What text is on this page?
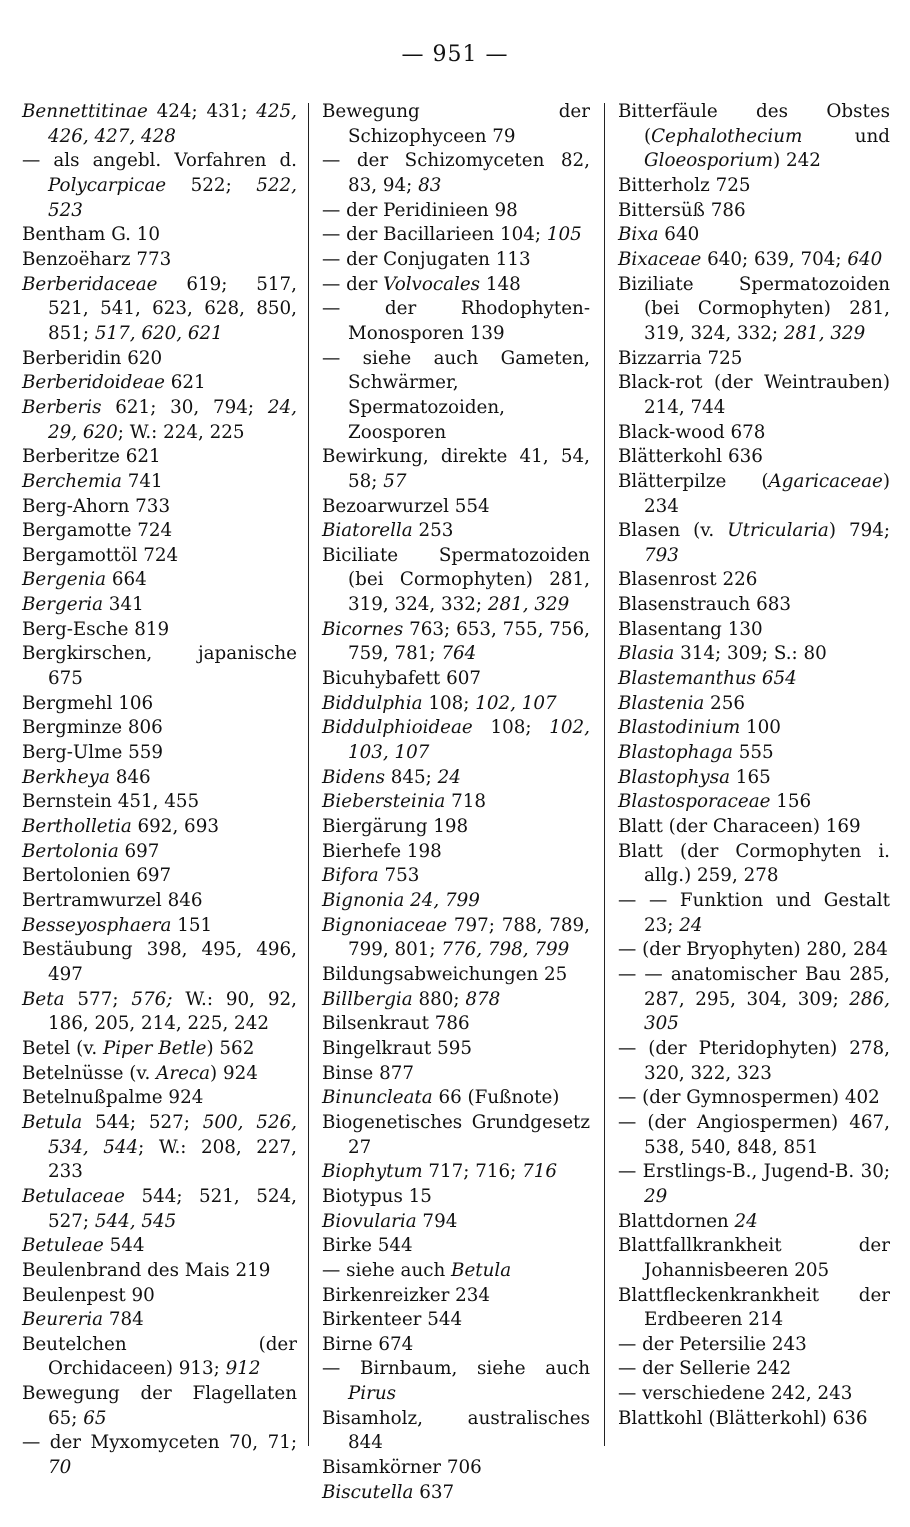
— 951 —

Bennettitinae 424; 431; 425, 426, 427, 428

— als angebl. Vorfahren d. Polycarpicae 522; 522, 523

Bentham G. 10

Benzoëharz 773

Berberidaceae 619; 517, 521, 541, 623, 628, 850, 851; 517, 620, 621

Berberidin 620

Berberidoideae 621

Berberis 621; 30, 794; 24, 29, 620; W.: 224, 225

Berberitze 621

Berchemia 741

Berg-Ahorn 733

Bergamotte 724

Bergamottöl 724

Bergenia 664

Bergeria 341

Berg-Esche 819

Bergkirschen, japanische 675

Bergmehl 106

Bergminze 806

Berg-Ulme 559

Berkheya 846

Bernstein 451, 455

Bertholletia 692, 693

Bertolonia 697

Bertolonien 697

Bertramwurzel 846

Besseyosphaera 151

Bestäubung 398, 495, 496, 497

Beta 577; 576; W.: 90, 92, 186, 205, 214, 225, 242

Betel (v. Piper Betle) 562

Betelnüsse (v. Areca) 924

Betelnußpalme 924

Betula 544; 527; 500, 526, 534, 544; W.: 208, 227, 233

Betulaceae 544; 521, 524, 527; 544, 545

Betuleae 544

Beulenbrand des Mais 219

Beulenpest 90

Beureria 784

Beutelchen (der Orchidaceen) 913; 912

Bewegung der Flagellaten 65; 65

— der Myxomyceten 70, 71; 70

Bewegung der Schizophyceen 79

— der Schizomyceten 82, 83, 94; 83

— der Peridinieen 98

— der Bacillarieen 104; 105

— der Conjugaten 113

— der Volvocales 148

— der Rhodophyten-Monosporen 139

— siehe auch Gameten, Schwärmer, Spermatozoiden, Zoosporen

Bewirkung, direkte 41, 54, 58; 57

Bezoarwurzel 554

Biatorella 253

Biciliate Spermatozoiden (bei Cormophyten) 281, 319, 324, 332; 281, 329

Bicornes 763; 653, 755, 756, 759, 781; 764

Bicuhybafett 607

Biddulphia 108; 102, 107

Biddulphioideae 108; 102, 103, 107

Bidens 845; 24

Biebersteinia 718

Biergärung 198

Bierhefe 198

Bifora 753

Bignonia 24, 799

Bignoniaceae 797; 788, 789, 799, 801; 776, 798, 799

Bildungsabweichungen 25

Billbergia 880; 878

Bilsenkraut 786

Bingelkraut 595

Binse 877

Binuncleata 66 (Fußnote)

Biogenetisches Grundgesetz 27

Biophytum 717; 716; 716

Biotypus 15

Biovularia 794

Birke 544

— siehe auch Betula

Birkenreizker 234

Birkenteer 544

Birne 674

— Birnbaum, siehe auch Pirus

Bisamholz, australisches 844

Bisamkörner 706

Biscutella 637

Bitterfäule des Obstes (Cephalothecium und Gloeosporium) 242

Bitterholz 725

Bittersüß 786

Bixa 640

Bixaceae 640; 639, 704; 640

Biziliate Spermatozoiden (bei Cormophyten) 281, 319, 324, 332; 281, 329

Bizzarria 725

Black-rot (der Weintrauben) 214, 744

Black-wood 678

Blätterkohl 636

Blätterpilze (Agaricaceae) 234

Blasen (v. Utricularia) 794; 793

Blasenrost 226

Blasenstrauch 683

Blasentang 130

Blasia 314; 309; S.: 80

Blastemanthus 654

Blastenia 256

Blastodinium 100

Blastophaga 555

Blastophysa 165

Blastosporaceae 156

Blatt (der Characeen) 169

Blatt (der Cormophyten i. allg.) 259, 278

— — Funktion und Gestalt 23; 24

— (der Bryophyten) 280, 284

— — anatomischer Bau 285, 287, 295, 304, 309; 286, 305

— (der Pteridophyten) 278, 320, 322, 323

— (der Gymnospermen) 402

— (der Angiospermen) 467, 538, 540, 848, 851

— Erstlings-B., Jugend-B. 30; 29

Blattdornen 24

Blattfallkrankheit der Johannisbeeren 205

Blattfleckenkrankheit der Erdbeeren 214

— der Petersilie 243

— der Sellerie 242

— verschiedene 242, 243

Blattkohl (Blätterkohl) 636
